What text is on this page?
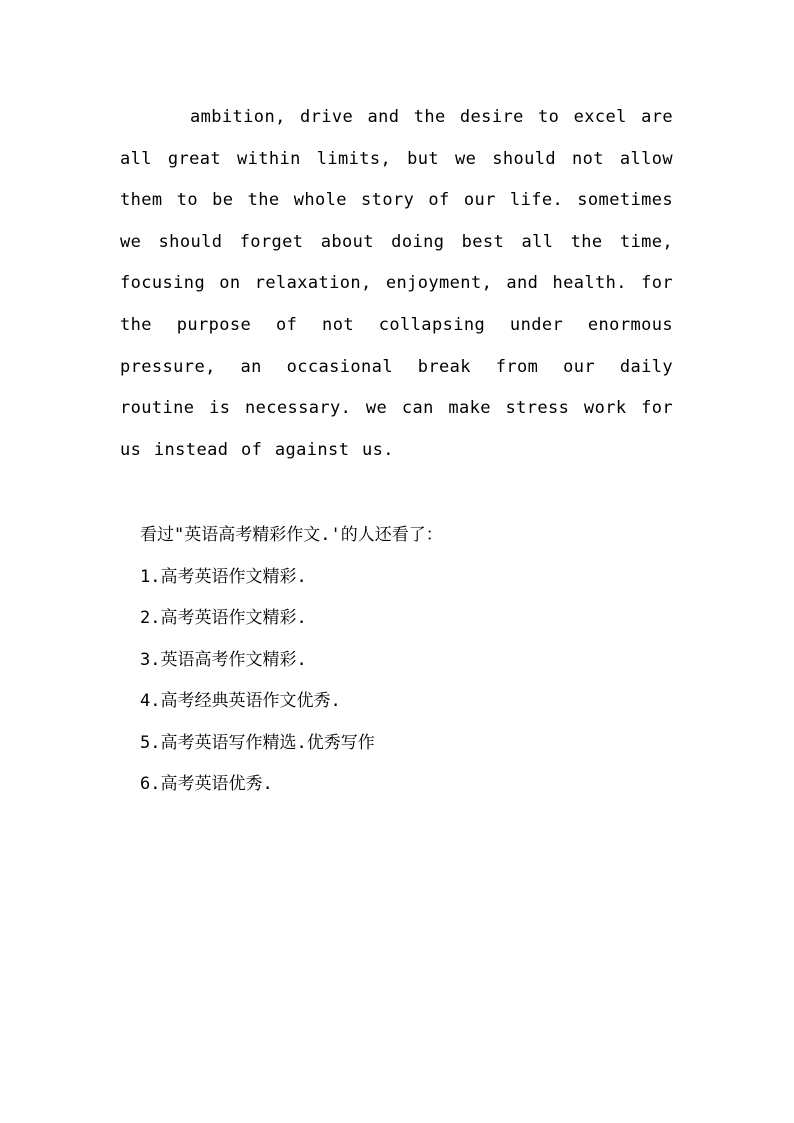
ambition, drive and the desire to excel are all great within limits, but we should not allow them to be the whole story of our life. sometimes we should forget about doing best all the time, focusing on relaxation, enjoyment, and health. for the purpose of not collapsing under enormous pressure, an occasional break from our daily routine is necessary. we can make stress work for us instead of against us.

看过"英语高考精彩作文.'的人还看了：
1.高考英语作文精彩.
2.高考英语作文精彩.
3.英语高考作文精彩.
4.高考经典英语作文优秀.
5.高考英语写作精选.优秀写作
6.高考英语优秀.
